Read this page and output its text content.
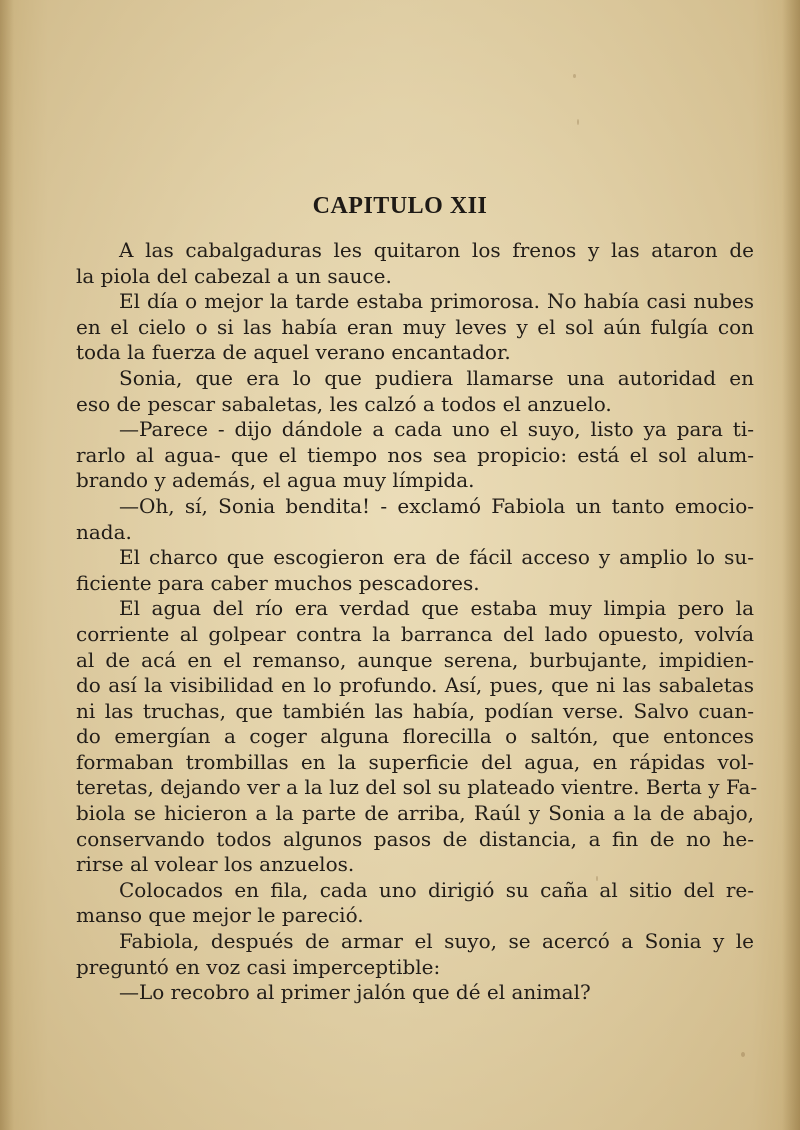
CAPITULO XII
A las cabalgaduras les quitaron los frenos y las ataron de
la piola del cabezal a un sauce.
El día o mejor la tarde estaba primorosa. No había casi nubes
en el cielo o si las había eran muy leves y el sol aún fulgía con
toda la fuerza de aquel verano encantador.
Sonia, que era lo que pudiera llamarse una autoridad en
eso de pescar sabaletas, les calzó a todos el anzuelo.
—Parece - dijo dándole a cada uno el suyo, listo ya para ti-
rarlo al agua- que el tiempo nos sea propicio: está el sol alum-
brando y además, el agua muy límpida.
—Oh, sí, Sonia bendita! - exclamó Fabiola un tanto emocio-
nada.
El charco que escogieron era de fácil acceso y amplio lo su-
ficiente para caber muchos pescadores.
El agua del río era verdad que estaba muy limpia pero la
corriente al golpear contra la barranca del lado opuesto, volvía
al de acá en el remanso, aunque serena, burbujante, impidien-
do así la visibilidad en lo profundo. Así, pues, que ni las sabaletas
ni las truchas, que también las había, podían verse. Salvo cuan-
do emergían a coger alguna florecilla o saltón, que entonces
formaban trombillas en la superficie del agua, en rápidas vol-
teretas, dejando ver a la luz del sol su plateado vientre. Berta y Fa-
biola se hicieron a la parte de arriba, Raúl y Sonia a la de abajo,
conservando todos algunos pasos de distancia, a fin de no he-
rirse al volear los anzuelos.
Colocados en fila, cada uno dirigió su caña al sitio del re-
manso que mejor le pareció.
Fabiola, después de armar el suyo, se acercó a Sonia y le
preguntó en voz casi imperceptible:
—Lo recobro al primer jalón que dé el animal?
